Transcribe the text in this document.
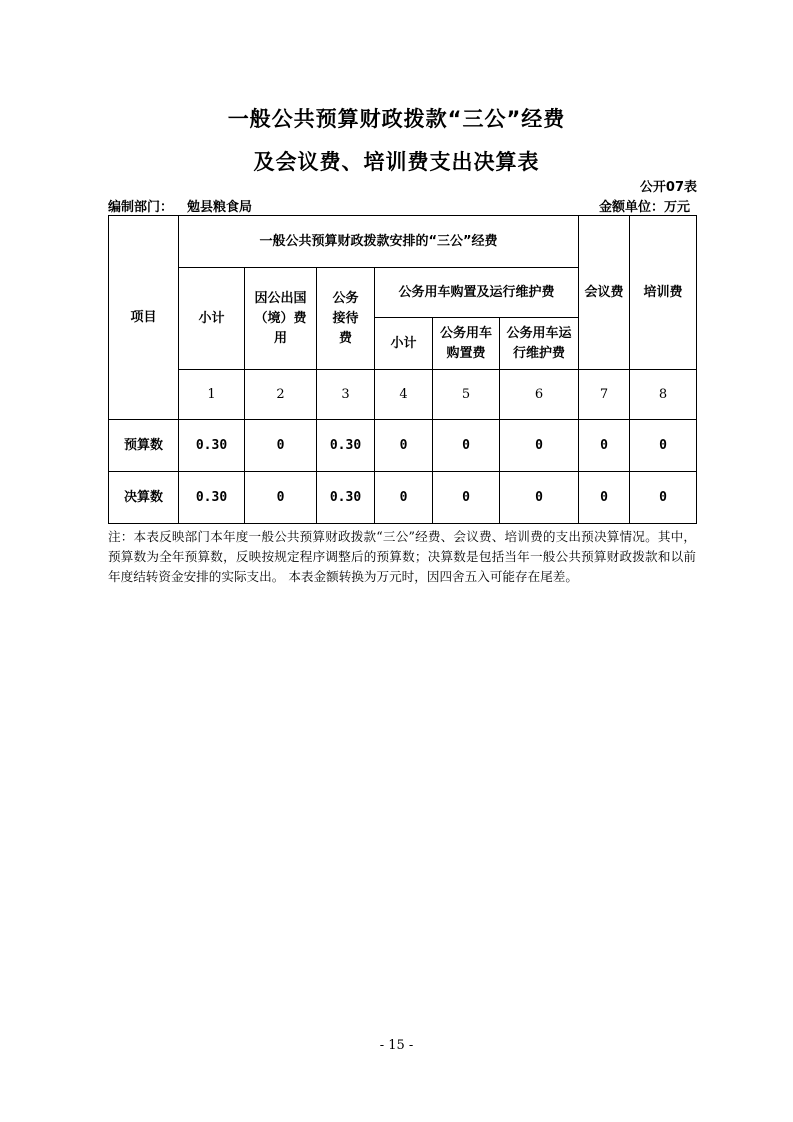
一般公共预算财政拨款“三公”经费
及会议费、培训费支出决算表
公开07表
编制部门： 勉县粮食局	金额单位：万元
项目	一般公共预算财政拨款安排的“三公”经费						会议费	培训费
	小计	因公出国（境）费用	公务接待费	公务用车购置及运行维护费				
				小计	公务用车购置费	公务用车运行维护费		

	1	2	3	4	5	6	7	8
预算数	0.30	0	0.30	0	0	0	0	0
决算数	0.30	0	0.30	0	0	0	0	0
注：本表反映部门本年度一般公共预算财政拨款“三公”经费、会议费、培训费的支出预决算情况。其中，预算数为全年预算数，反映按规定程序调整后的预算数；决算数是包括当年一般公共预算财政拨款和以前年度结转资金安排的实际支出。 本表金额转换为万元时，因四舍五入可能存在尾差。
- 15 -
